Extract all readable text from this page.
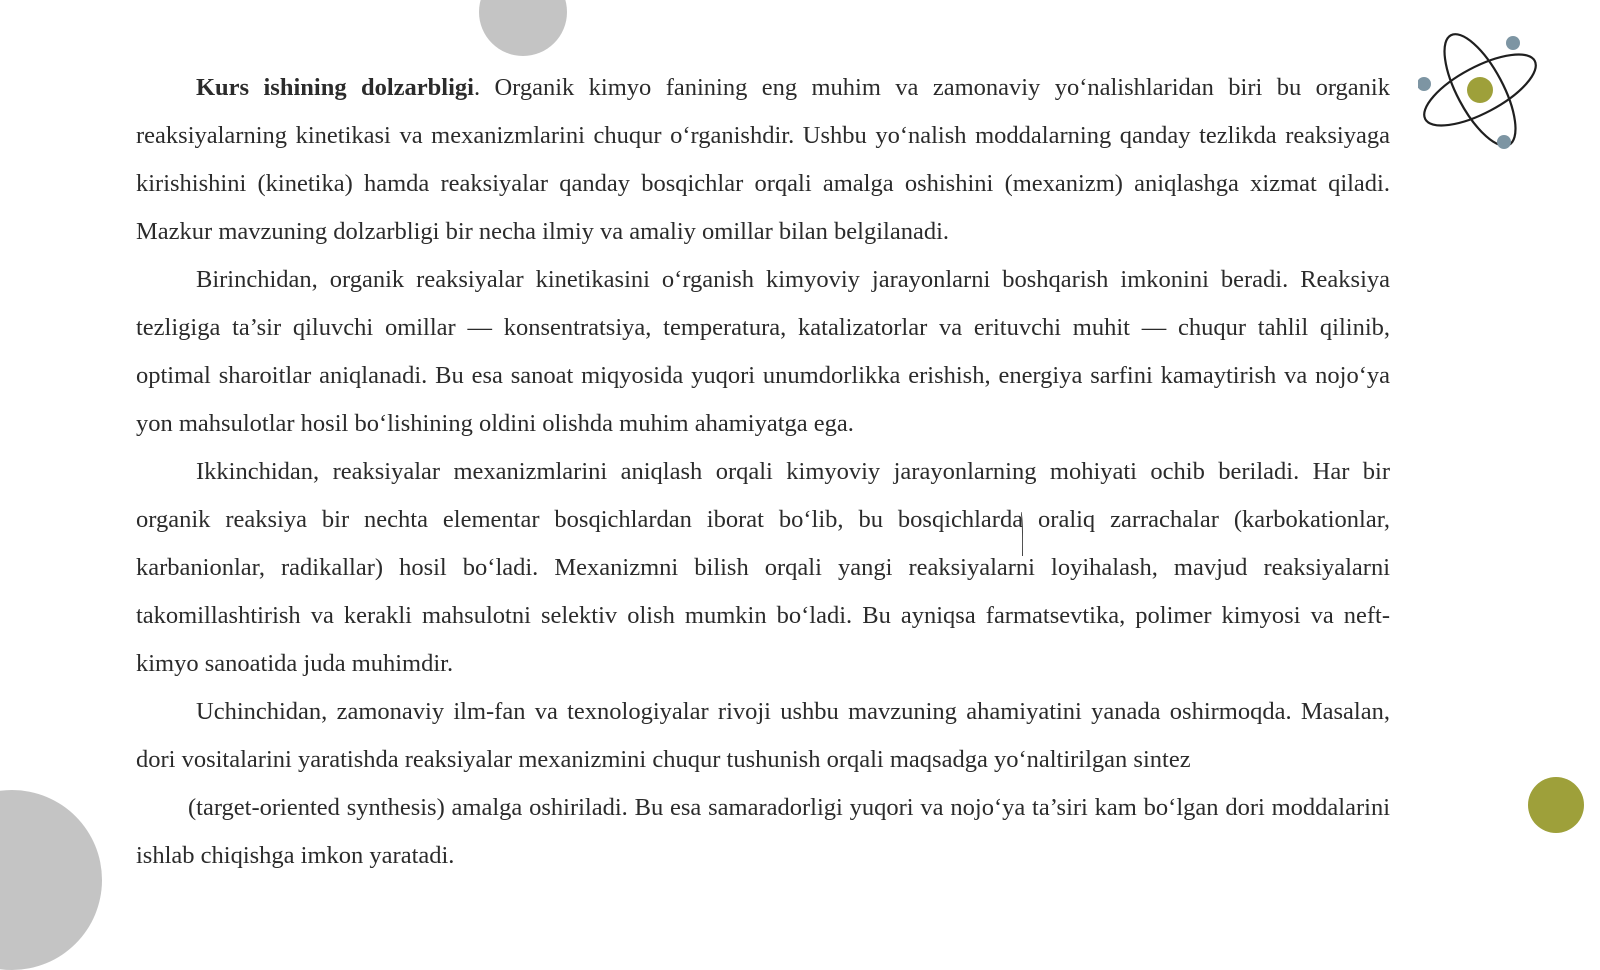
Kurs ishining dolzarbligi. Organik kimyo fanining eng muhim va zamonaviy yo‘nalishlaridan biri bu organik reaksiyalarning kinetikasi va mexanizmlarini chuqur o‘rganishdir. Ushbu yo‘nalish moddalarning qanday tezlikda reaksiyaga kirishishini (kinetika) hamda reaksiyalar qanday bosqichlar orqali amalga oshishini (mexanizm) aniqlashga xizmat qiladi. Mazkur mavzuning dolzarbligi bir necha ilmiy va amaliy omillar bilan belgilanadi.

Birinchidan, organik reaksiyalar kinetikasini o‘rganish kimyoviy jarayonlarni boshqarish imkonini beradi. Reaksiya tezligiga ta’sir qiluvchi omillar — konsentratsiya, temperatura, katalizatorlar va erituvchi muhit — chuqur tahlil qilinib, optimal sharoitlar aniqlanadi. Bu esa sanoat miqyosida yuqori unumdorlikka erishish, energiya sarfini kamaytirish va nojo‘ya yon mahsulotlar hosil bo‘lishining oldini olishda muhim ahamiyatga ega.

Ikkinchidan, reaksiyalar mexanizmlarini aniqlash orqali kimyoviy jarayonlarning mohiyati ochib beriladi. Har bir organik reaksiya bir nechta elementar bosqichlardan iborat bo‘lib, bu bosqichlarda oraliq zarrachalar (karbokationlar, karbanionlar, radikallar) hosil bo‘ladi. Mexanizmni bilish orqali yangi reaksiyalarni loyihalash, mavjud reaksiyalarni takomillashtirish va kerakli mahsulotni selektiv olish mumkin bo‘ladi. Bu ayniqsa farmatsevtika, polimer kimyosi va neft-kimyo sanoatida juda muhimdir.

Uchinchidan, zamonaviy ilm-fan va texnologiyalar rivoji ushbu mavzuning ahamiyatini yanada oshirmoqda. Masalan, dori vositalarini yaratishda reaksiyalar mexanizmini chuqur tushunish orqali maqsadga yo‘naltirilgan sintez

(target-oriented synthesis) amalga oshiriladi. Bu esa samaradorligi yuqori va nojo‘ya ta’siri kam bo‘lgan dori moddalarini ishlab chiqishga imkon yaratadi.
